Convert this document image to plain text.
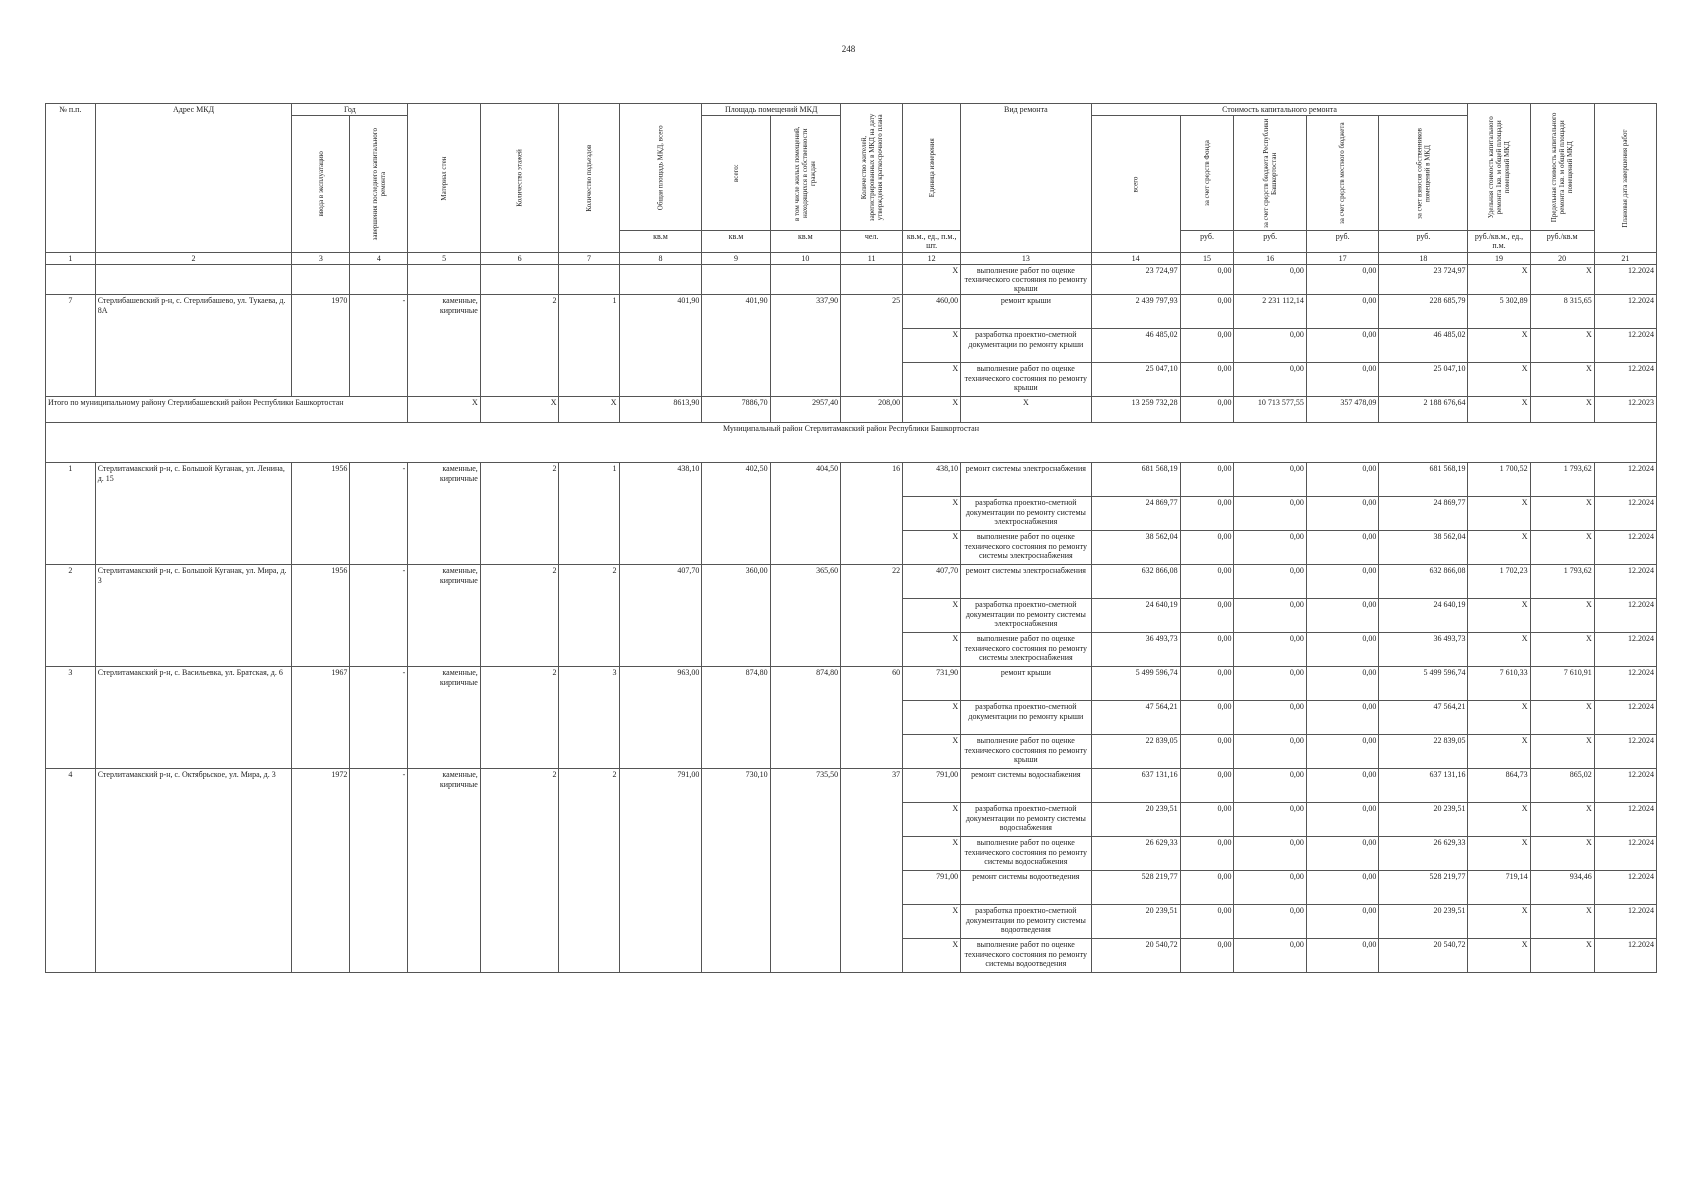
248
№ п.п.	Адрес МКД	Год		Материал стен	Количество этажей	Количество подъездов	Общая площадь МКД, всего	Площадь помещений МКД		Количество жителей, зарегистрированных в МКД на дату утверждения краткосрочного плана	Единица измерения	Вид ремонта	Стоимость капитального ремонта					Удельная стоимость капитального ремонта 1кв. м общей площади помещений МКД	Предельная стоимость капитального ремонта 1кв. м общей площади помещений МКД	Плановая дата завершения работ
		ввода в эксплуатацию	завершения последнего капитального ремонта					всего:	в том числе жилых помещений, находящихся в собственности граждан				всего	за счет средств Фонда	за счет средств бюджета Республики Башкортостан	за счет средств местного бюджета	за счет взносов собственников помещений в МКД			
							кв.м	кв.м	кв.м	чел.	кв.м., ед., п.м., шт.			руб.	руб.	руб.	руб.	руб./кв.м., ед., п.м.	руб./кв.м	
1	2	3	4	5	6	7	8	9	10	11	12	13	14	15	16	17	18	19	20	21
											X	выполнение работ по оценке технического состояния по ремонту крыши	23 724,97	0,00	0,00	0,00	23 724,97	X	X	12.2024
7	Стерлибашевский р-н, с. Стерлибашево, ул. Тукаева, д. 8А	1970	-	каменные, кирпичные	2	1	401,90	401,90	337,90	25	460,00	ремонт крыши	2 439 797,93	0,00	2 231 112,14	0,00	228 685,79	5 302,89	8 315,65	12.2024
											X	разработка проектно-сметной документации по ремонту крыши	46 485,02	0,00	0,00	0,00	46 485,02	X	X	12.2024
											X	выполнение работ по оценке технического состояния по ремонту крыши	25 047,10	0,00	0,00	0,00	25 047,10	X	X	12.2024
Итого по муниципальному району Стерлибашевский район Республики Башкортостан				X	X	X	8613,90	7886,70	2957,40	208,00	X	X	13 259 732,28	0,00	10 713 577,55	357 478,09	2 188 676,64	X	X	12.2023
Муниципальный район Стерлитамакский район Республики Башкортостан																				
1	Стерлитамакский р-н, с. Большой Куганак, ул. Ленина, д. 15	1956	-	каменные, кирпичные	2	1	438,10	402,50	404,50	16	438,10	ремонт системы электроснабжения	681 568,19	0,00	0,00	0,00	681 568,19	1 700,52	1 793,62	12.2024
											X	разработка проектно-сметной документации по ремонту системы электроснабжения	24 869,77	0,00	0,00	0,00	24 869,77	X	X	12.2024
											X	выполнение работ по оценке технического состояния по ремонту системы электроснабжения	38 562,04	0,00	0,00	0,00	38 562,04	X	X	12.2024
2	Стерлитамакский р-н, с. Большой Куганак, ул. Мира, д. 3	1956	-	каменные, кирпичные	2	2	407,70	360,00	365,60	22	407,70	ремонт системы электроснабжения	632 866,08	0,00	0,00	0,00	632 866,08	1 702,23	1 793,62	12.2024
											X	разработка проектно-сметной документации по ремонту системы электроснабжения	24 640,19	0,00	0,00	0,00	24 640,19	X	X	12.2024
											X	выполнение работ по оценке технического состояния по ремонту системы электроснабжения	36 493,73	0,00	0,00	0,00	36 493,73	X	X	12.2024
3	Стерлитамакский р-н, с. Васильевка, ул. Братская, д. 6	1967	-	каменные, кирпичные	2	3	963,00	874,80	874,80	60	731,90	ремонт крыши	5 499 596,74	0,00	0,00	0,00	5 499 596,74	7 610,33	7 610,91	12.2024
											X	разработка проектно-сметной документации по ремонту крыши	47 564,21	0,00	0,00	0,00	47 564,21	X	X	12.2024
											X	выполнение работ по оценке технического состояния по ремонту крыши	22 839,05	0,00	0,00	0,00	22 839,05	X	X	12.2024
4	Стерлитамакский р-н, с. Октябрьское, ул. Мира, д. 3	1972	-	каменные, кирпичные	2	2	791,00	730,10	735,50	37	791,00	ремонт системы водоснабжения	637 131,16	0,00	0,00	0,00	637 131,16	864,73	865,02	12.2024
											X	разработка проектно-сметной документации по ремонту системы водоснабжения	20 239,51	0,00	0,00	0,00	20 239,51	X	X	12.2024
											X	выполнение работ по оценке технического состояния по ремонту системы водоснабжения	26 629,33	0,00	0,00	0,00	26 629,33	X	X	12.2024
											791,00	ремонт системы водоотведения	528 219,77	0,00	0,00	0,00	528 219,77	719,14	934,46	12.2024
											X	разработка проектно-сметной документации по ремонту системы водоотведения	20 239,51	0,00	0,00	0,00	20 239,51	X	X	12.2024
											X	выполнение работ по оценке технического состояния по ремонту системы водоотведения	20 540,72	0,00	0,00	0,00	20 540,72	X	X	12.2024
